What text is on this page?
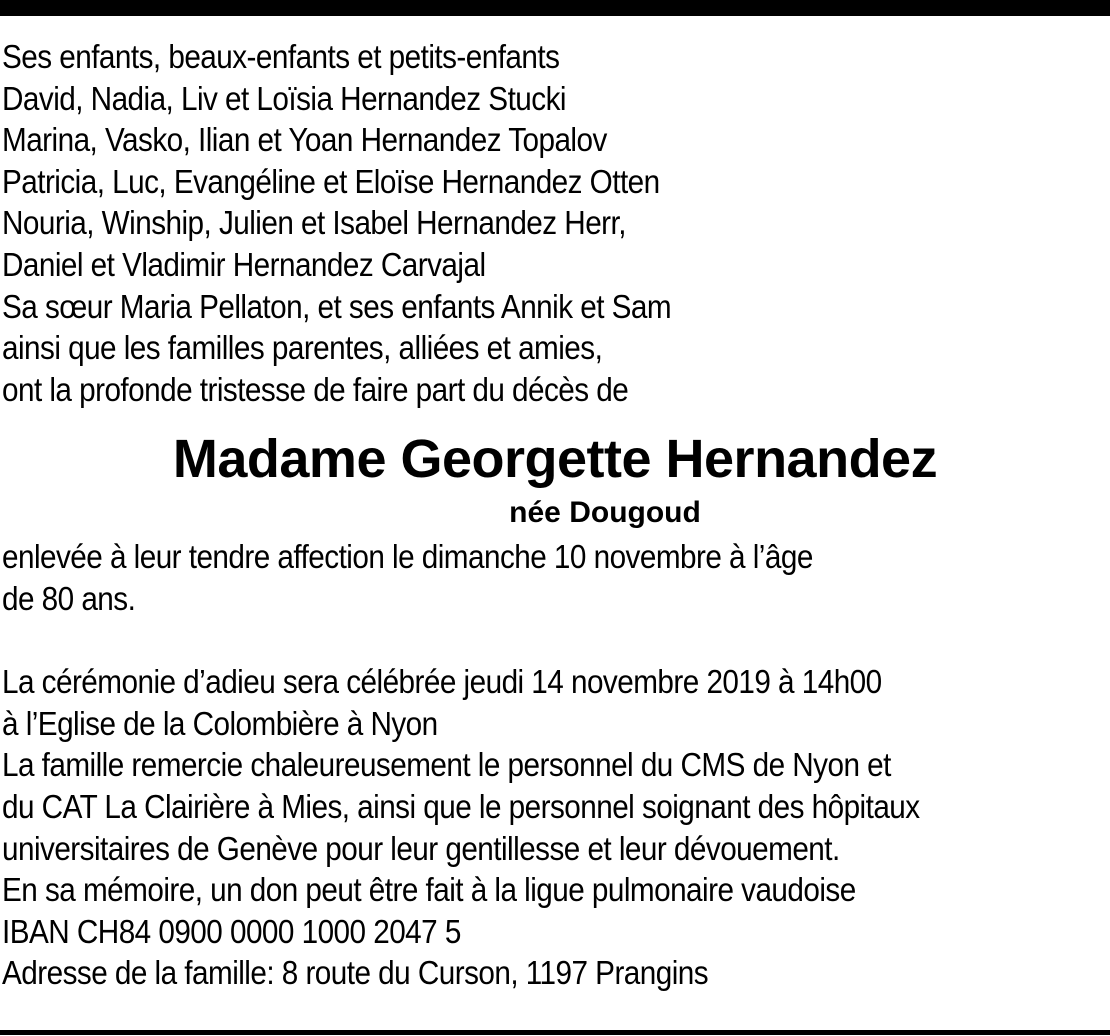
Ses enfants, beaux-enfants et petits-enfants
David, Nadia, Liv et Loïsia Hernandez Stucki
Marina, Vasko, Ilian et Yoan Hernandez Topalov
Patricia, Luc, Evangéline et Eloïse Hernandez Otten
Nouria, Winship, Julien et Isabel Hernandez Herr,
Daniel et Vladimir Hernandez Carvajal
Sa sœur Maria Pellaton, et ses enfants Annik et Sam
ainsi que les familles parentes, alliées et amies,
ont la profonde tristesse de faire part du décès de
Madame Georgette Hernandez
née Dougoud
enlevée à leur tendre affection le dimanche 10 novembre à l’âge
de 80 ans.
La cérémonie d’adieu sera célébrée jeudi 14 novembre 2019 à 14h00
à l’Eglise de la Colombière à Nyon
La famille remercie chaleureusement le personnel du CMS de Nyon et
du CAT La Clairière à Mies, ainsi que le personnel soignant des hôpitaux
universitaires de Genève pour leur gentillesse et leur dévouement.
En sa mémoire, un don peut être fait à la ligue pulmonaire vaudoise
IBAN CH84 0900 0000 1000 2047 5
Adresse de la famille: 8 route du Curson, 1197 Prangins
